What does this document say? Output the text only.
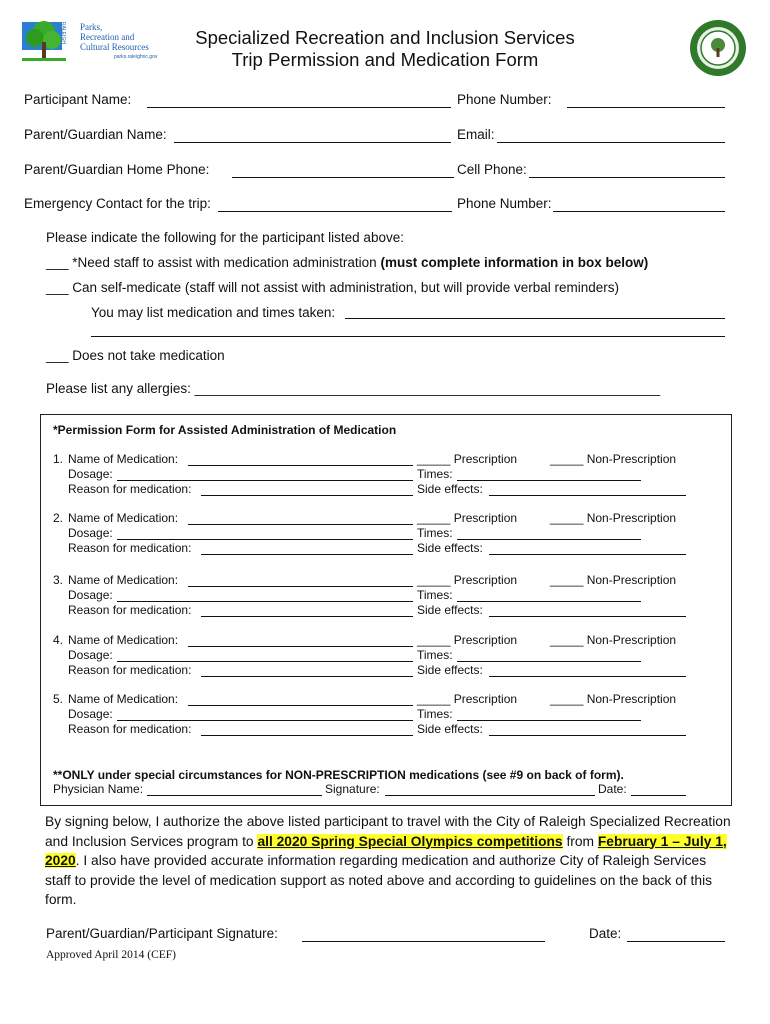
RALEIGH Parks,
Recreation and
Cultural Resources
parks.raleighnc.gov
Specialized Recreation and Inclusion Services
Trip Permission and Medication Form
Participant Name:	Phone Number:
Parent/Guardian Name:	Email:
Parent/Guardian Home Phone:	Cell Phone:
Emergency Contact for the trip:	Phone Number:
Please indicate the following for the participant listed above:
___ *Need staff to assist with medication administration (must complete information in box below)
___ Can self-medicate (staff will not assist with administration, but will provide verbal reminders)
You may list medication and times taken:
___ Does not take medication
Please list any allergies: ______________________________________________________________
*Permission Form for Assisted Administration of Medication
1. Name of Medication:	_____ Prescription	_____ Non-Prescription
Dosage:	Times:
Reason for medication:	Side effects:
2. Name of Medication:	_____ Prescription	_____ Non-Prescription
Dosage:	Times:
Reason for medication:	Side effects:
3. Name of Medication:	_____ Prescription	_____ Non-Prescription
Dosage:	Times:
Reason for medication:	Side effects:
4. Name of Medication:	_____ Prescription	_____ Non-Prescription
Dosage:	Times:
Reason for medication:	Side effects:
5. Name of Medication:	_____ Prescription	_____ Non-Prescription
Dosage:	Times:
Reason for medication:	Side effects:
**ONLY under special circumstances for NON-PRESCRIPTION medications (see #9 on back of form).
Physician Name:	Signature:	Date:
By signing below, I authorize the above listed participant to travel with the City of Raleigh Specialized Recreation and Inclusion Services program to all 2020 Spring Special Olympics competitions from February 1 – July 1, 2020. I also have provided accurate information regarding medication and authorize City of Raleigh Services staff to provide the level of medication support as noted above and according to guidelines on the back of this form.
Parent/Guardian/Participant Signature:	Date:
Approved April 2014 (CEF)
